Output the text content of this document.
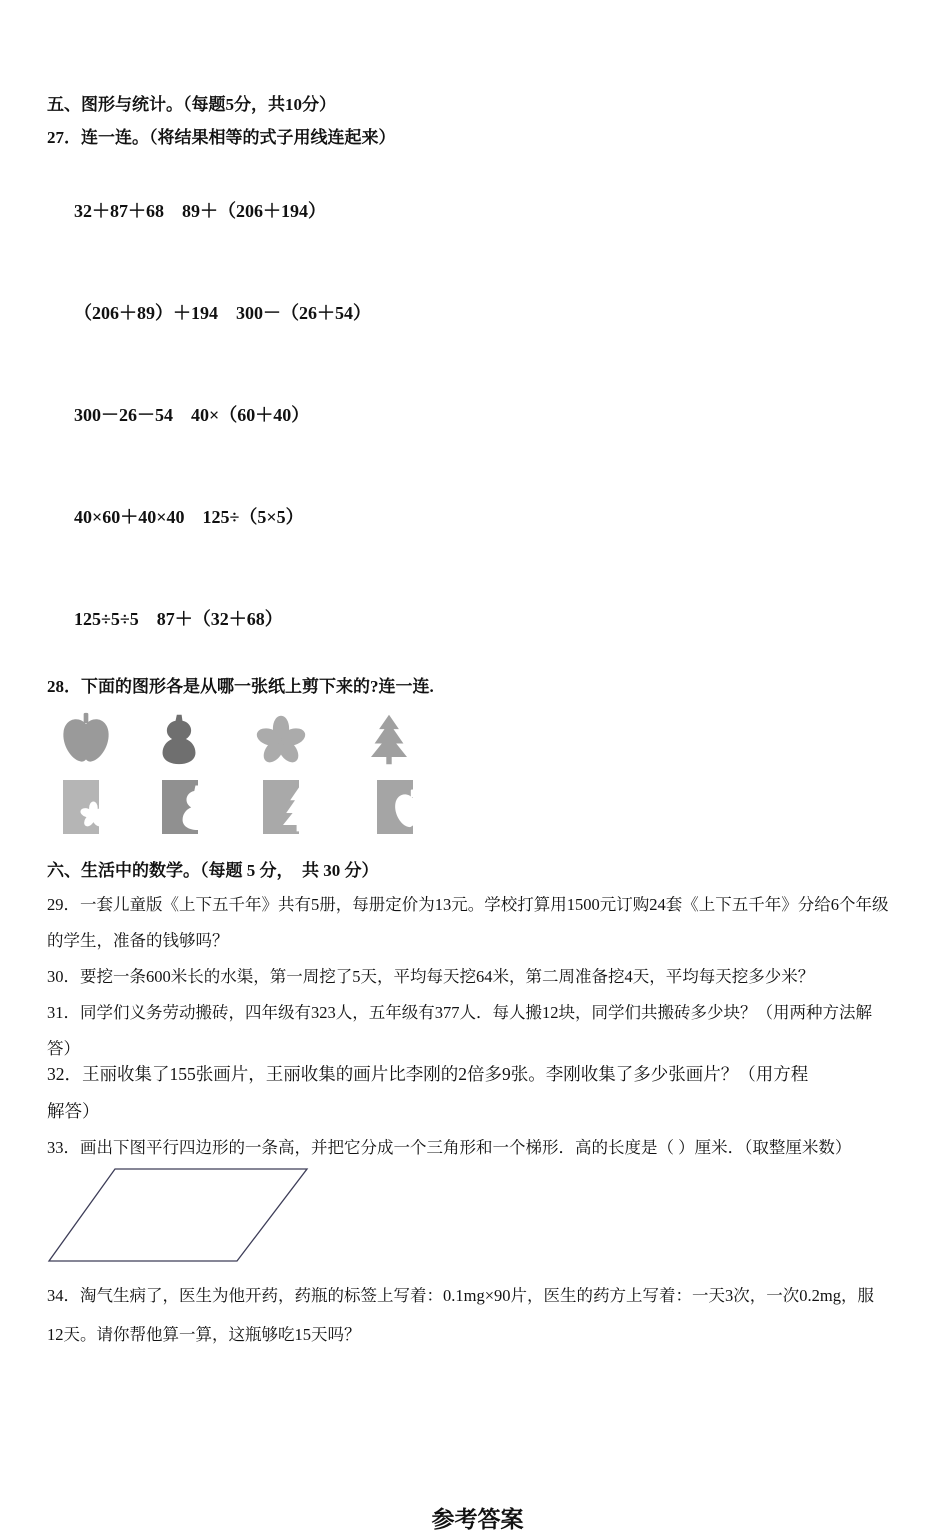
五、图形与统计。（每题5分，共10分）
27．连一连。（将结果相等的式子用线连起来）

32＋87＋68 89＋（206＋194）

（206＋89）＋194 300－（26＋54）

300－26－54 40×（60＋40）

40×60＋40×40 125÷（5×5）

125÷5÷5 87＋（32＋68）

28．下面的图形各是从哪一张纸上剪下来的?连一连.
六、生活中的数学。（每题 5 分，  共 30 分）
29．一套儿童版《上下五千年》共有5册，每册定价为13元。学校打算用1500元订购24套《上下五千年》分给6个年级
的学生，准备的钱够吗？
30．要挖一条600米长的水渠，第一周挖了5天，平均每天挖64米，第二周准备挖4天，平均每天挖多少米？
31．同学们义务劳动搬砖，四年级有323人，五年级有377人．每人搬12块，同学们共搬砖多少块？（用两种方法解
答）
32．王丽收集了155张画片，王丽收集的画片比李刚的2倍多9张。李刚收集了多少张画片？（用方程
解答）
33．画出下图平行四边形的一条高，并把它分成一个三角形和一个梯形．高的长度是（ ）厘米．（取整厘米数）
34．淘气生病了，医生为他开药，药瓶的标签上写着：0.1mg×90片，医生的药方上写着：一天3次，一次0.2mg，服
12天。请你帮他算一算，这瓶够吃15天吗？
参考答案
